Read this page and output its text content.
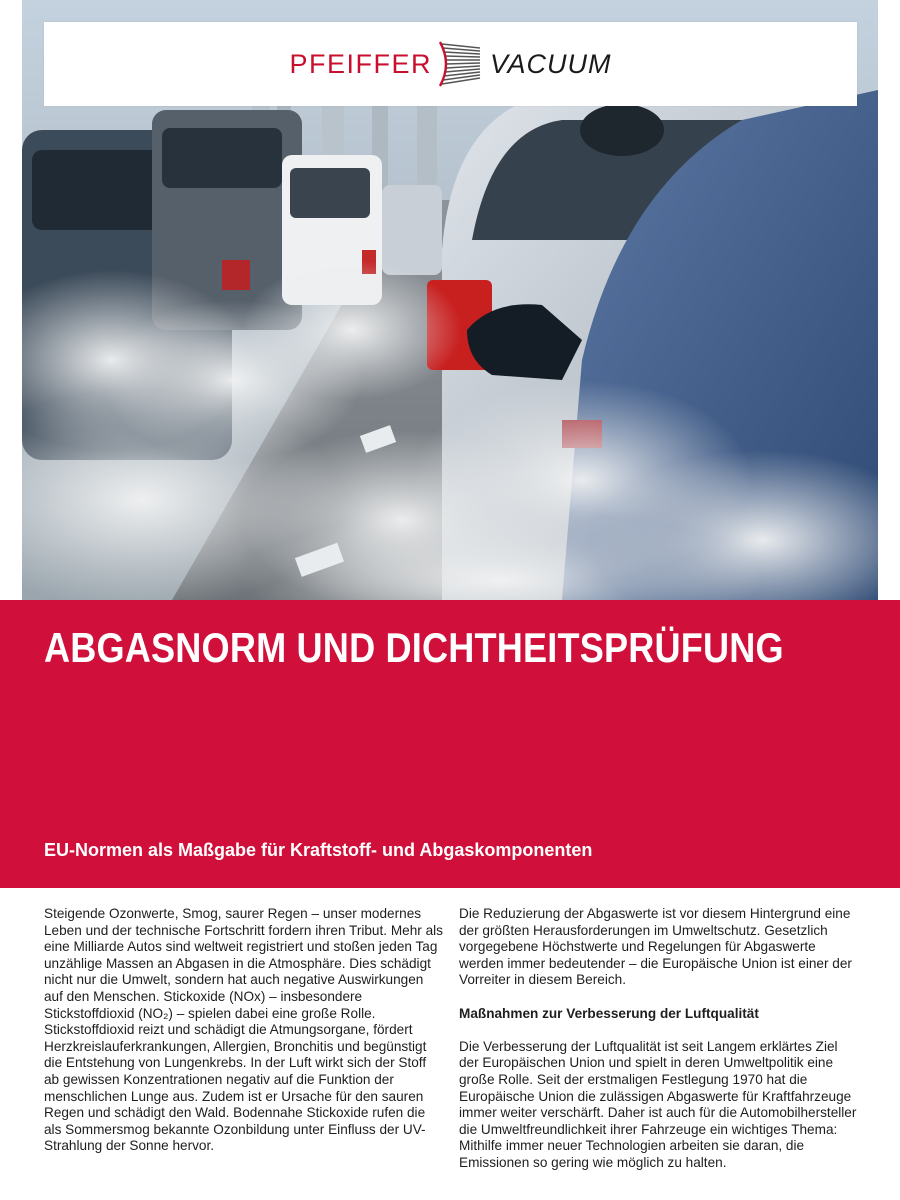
PFEIFFER VACUUM
ABGASNORM UND DICHTHEITSPRÜFUNG
EU-Normen als Maßgabe für Kraftstoff- und Abgaskomponenten

Steigende Ozonwerte, Smog, saurer Regen – unser modernes Leben und der technische Fortschritt fordern ihren Tribut. Mehr als eine Milliarde Autos sind weltweit registriert und stoßen jeden Tag unzählige Massen an Abgasen in die Atmosphäre. Dies schädigt nicht nur die Umwelt, sondern hat auch negative Auswirkungen auf den Menschen. Stickoxide (NOx) – insbesondere Stickstoffdioxid (NO₂) – spielen dabei eine große Rolle. Stickstoffdioxid reizt und schädigt die Atmungsorgane, fördert Herzkreislauferkrankungen, Allergien, Bronchitis und begünstigt die Entstehung von Lungenkrebs. In der Luft wirkt sich der Stoff ab gewissen Konzentrationen negativ auf die Funktion der menschlichen Lunge aus. Zudem ist er Ursache für den sauren Regen und schädigt den Wald. Bodennahe Stickoxide rufen die als Sommersmog bekannte Ozonbildung unter Einfluss der UV-Strahlung der Sonne hervor.

Die Reduzierung der Abgaswerte ist vor diesem Hintergrund eine der größten Herausforderungen im Umweltschutz. Gesetzlich vorgegebene Höchstwerte und Regelungen für Abgaswerte werden immer bedeutender – die Europäische Union ist einer der Vorreiter in diesem Bereich.

Maßnahmen zur Verbesserung der Luftqualität

Die Verbesserung der Luftqualität ist seit Langem erklärtes Ziel der Europäischen Union und spielt in deren Umweltpolitik eine große Rolle. Seit der erstmaligen Festlegung 1970 hat die Europäische Union die zulässigen Abgaswerte für Kraftfahrzeuge immer weiter verschärft. Daher ist auch für die Automobilhersteller die Umweltfreundlichkeit ihrer Fahrzeuge ein wichtiges Thema: Mithilfe immer neuer Technologien arbeiten sie daran, die Emissionen so gering wie möglich zu halten.
